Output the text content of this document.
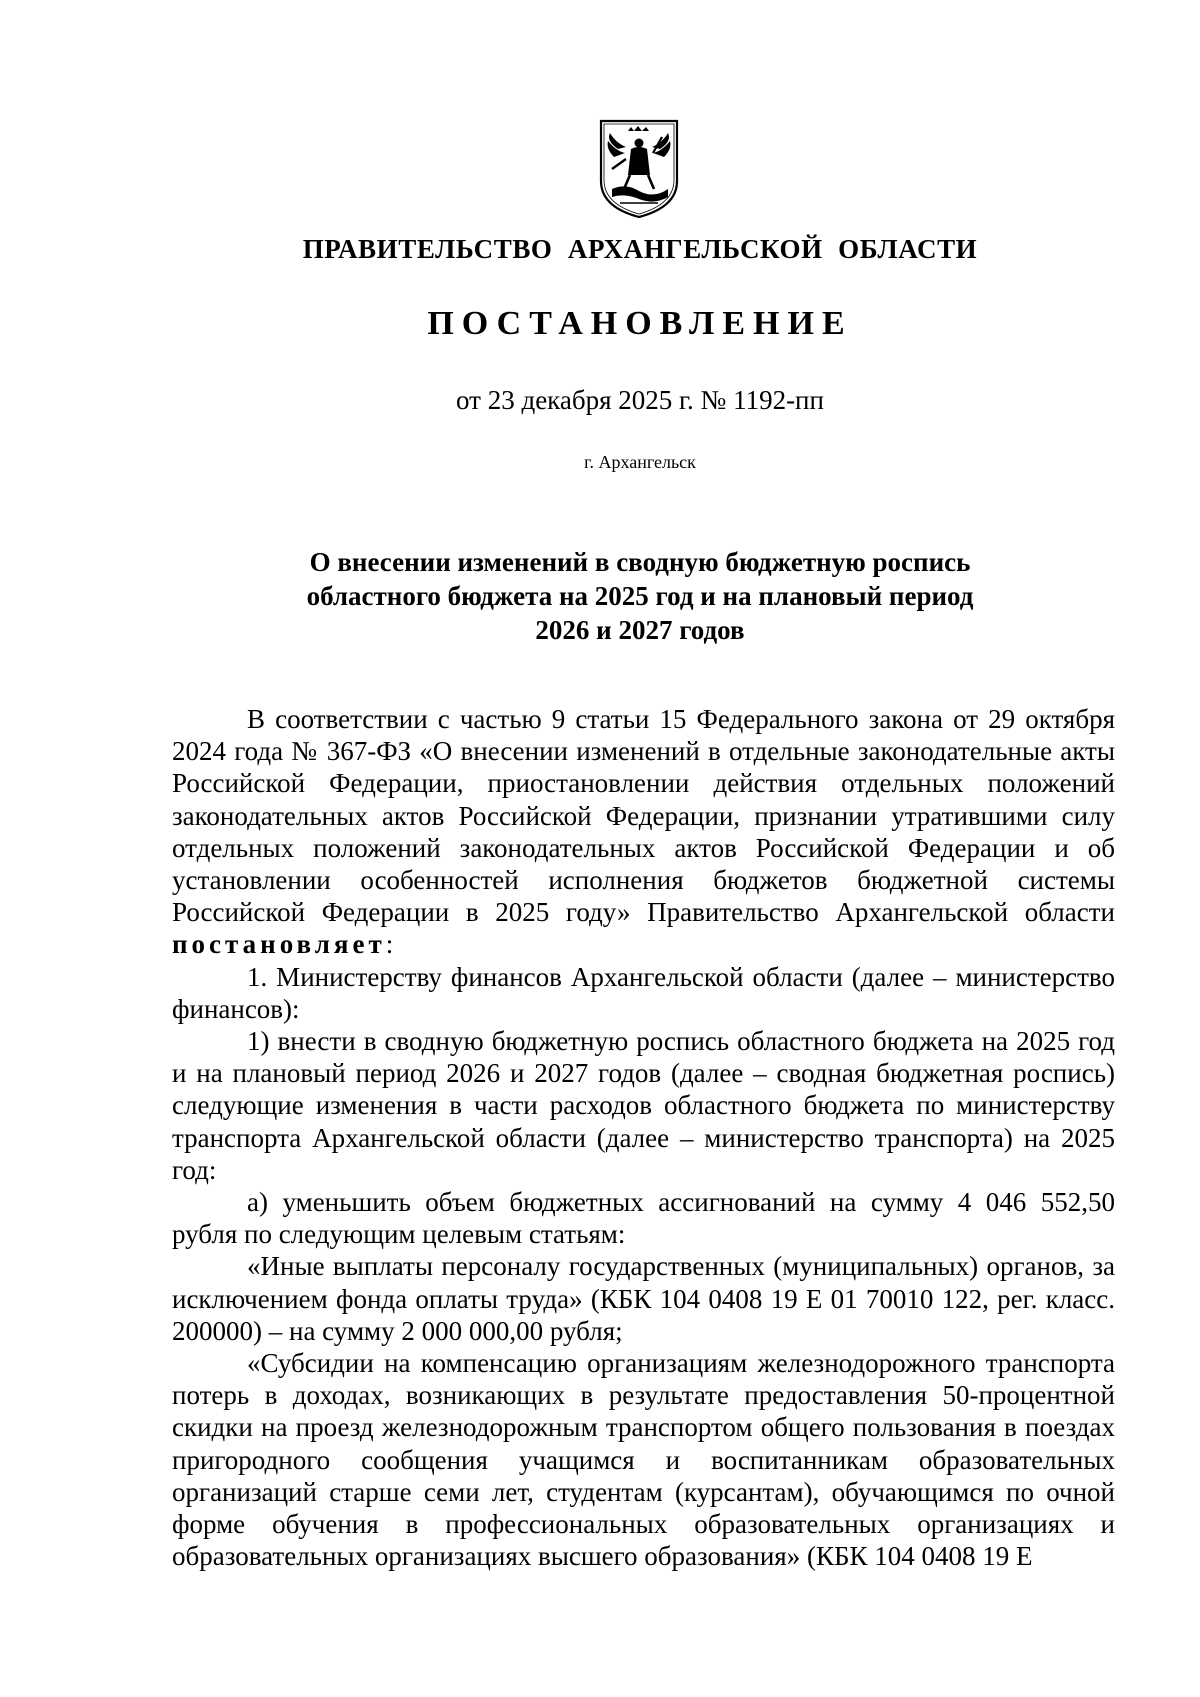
ПРАВИТЕЛЬСТВО АРХАНГЕЛЬСКОЙ ОБЛАСТИ
ПОСТАНОВЛЕНИЕ
от 23 декабря 2025 г. № 1192-пп
г. Архангельск
О внесении изменений в сводную бюджетную роспись
областного бюджета на 2025 год и на плановый период
2026 и 2027 годов

В соответствии с частью 9 статьи 15 Федерального закона от 29 октября 2024 года № 367-ФЗ «О внесении изменений в отдельные законодательные акты Российской Федерации, приостановлении действия отдельных положений законодательных актов Российской Федерации, признании утратившими силу отдельных положений законодательных актов Российской Федерации и об установлении особенностей исполнения бюджетов бюджетной системы Российской Федерации в 2025 году» Правительство Архангельской области постановляет:

1. Министерству финансов Архангельской области (далее – министерство финансов):

1) внести в сводную бюджетную роспись областного бюджета на 2025 год и на плановый период 2026 и 2027 годов (далее – сводная бюджетная роспись) следующие изменения в части расходов областного бюджета по министерству транспорта Архангельской области (далее – министерство транспорта) на 2025 год:

а) уменьшить объем бюджетных ассигнований на сумму 4 046 552,50 рубля по следующим целевым статьям:

«Иные выплаты персоналу государственных (муниципальных) органов, за исключением фонда оплаты труда» (КБК 104 0408 19 Е 01 70010 122, рег. класс. 200000) – на сумму 2 000 000,00 рубля;

«Субсидии на компенсацию организациям железнодорожного транспорта потерь в доходах, возникающих в результате предоставления 50-процентной скидки на проезд железнодорожным транспортом общего пользования в поездах пригородного сообщения учащимся и воспитанникам образовательных организаций старше семи лет, студентам (курсантам), обучающимся по очной форме обучения в профессиональных образовательных организациях и образовательных организациях высшего образования» (КБК 104 0408 19 Е
